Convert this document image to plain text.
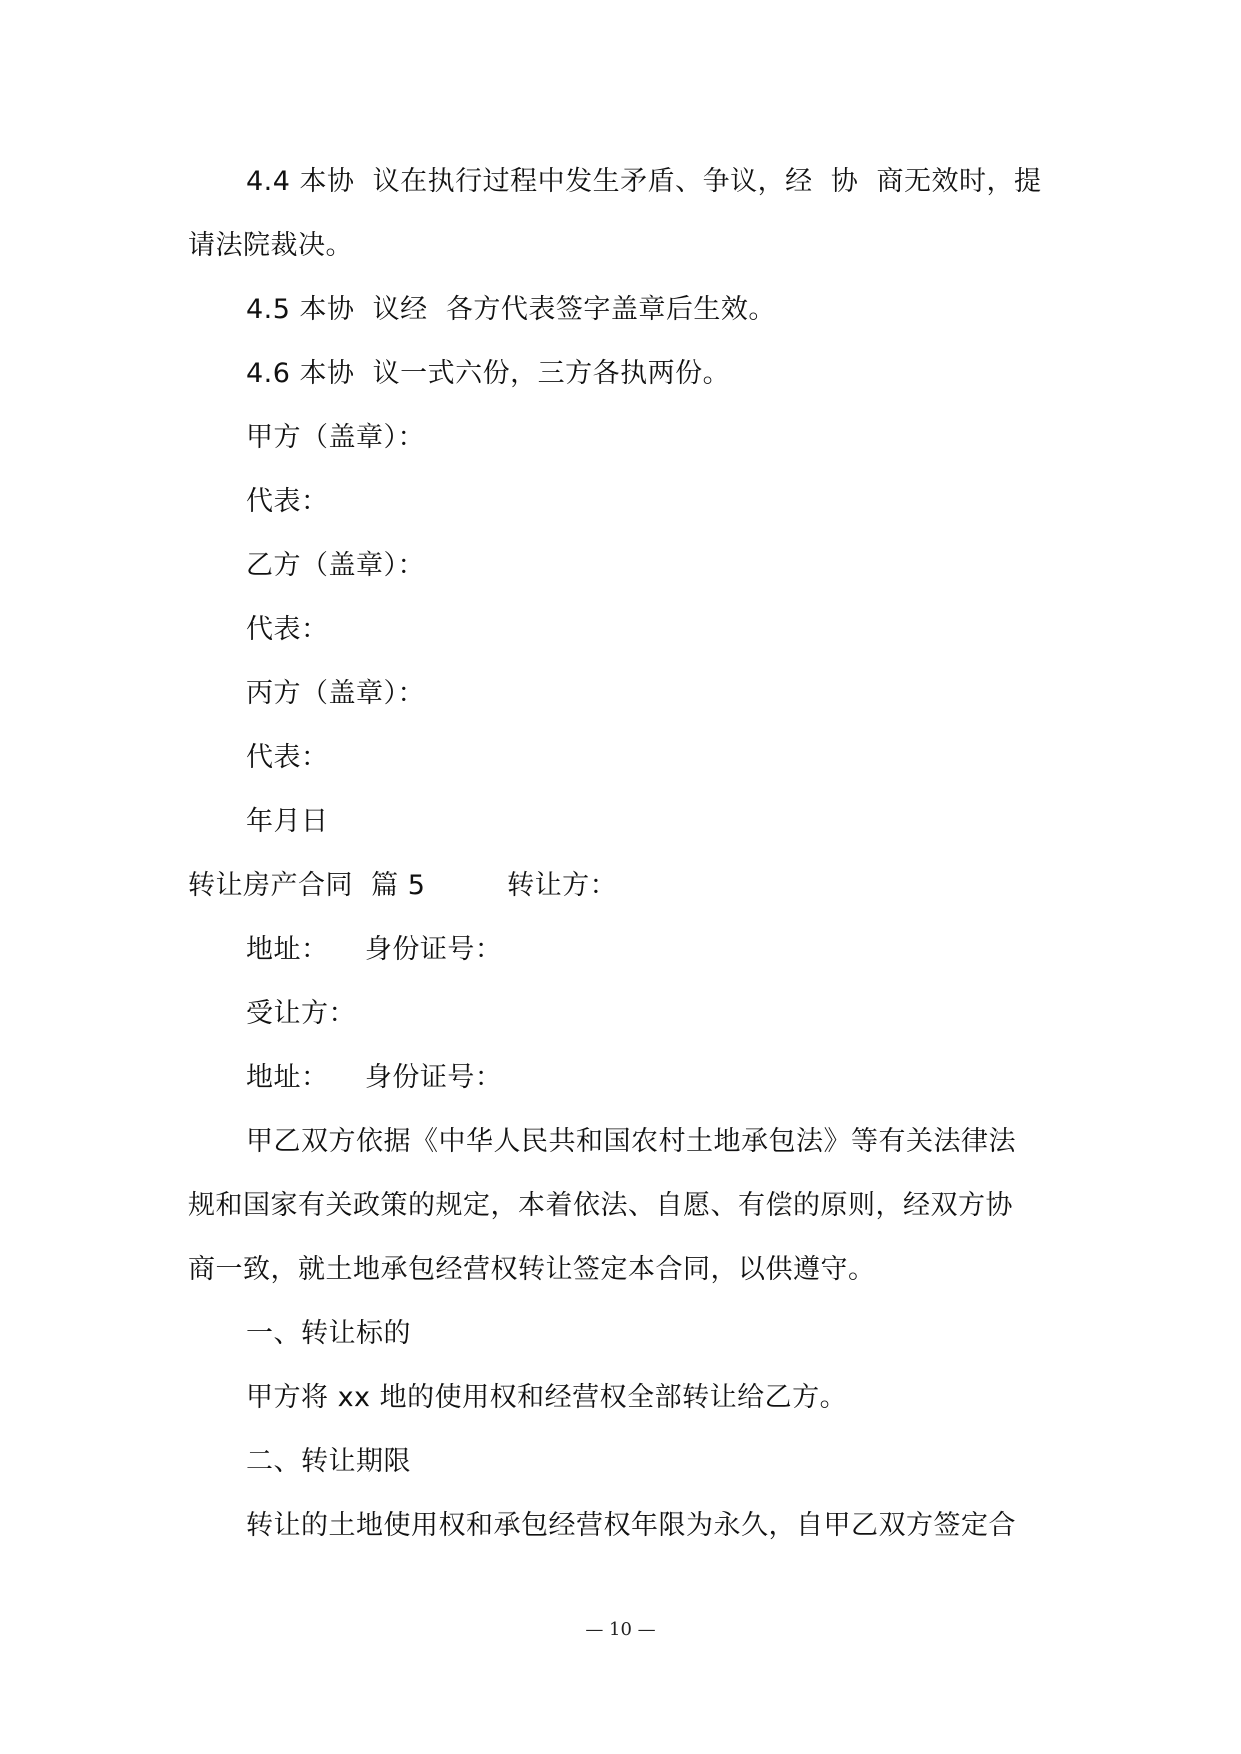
4.4 本协  议在执行过程中发生矛盾、争议，经  协  商无效时，提
请法院裁决。
4.5 本协  议经  各方代表签字盖章后生效。
4.6 本协  议一式六份，三方各执两份。
甲方（盖章）：
代表：
乙方（盖章）：
代表：
丙方（盖章）：
代表：
年月日
转让房产合同  篇 5         转让方：
地址：    身份证号：
受让方：
地址：    身份证号：
甲乙双方依据《中华人民共和国农村土地承包法》等有关法律法
规和国家有关政策的规定，本着依法、自愿、有偿的原则，经双方协
商一致，就土地承包经营权转让签定本合同，以供遵守。
一、转让标的
甲方将 xx 地的使用权和经营权全部转让给乙方。
二、转让期限
转让的土地使用权和承包经营权年限为永久，自甲乙双方签定合
— 10 —
